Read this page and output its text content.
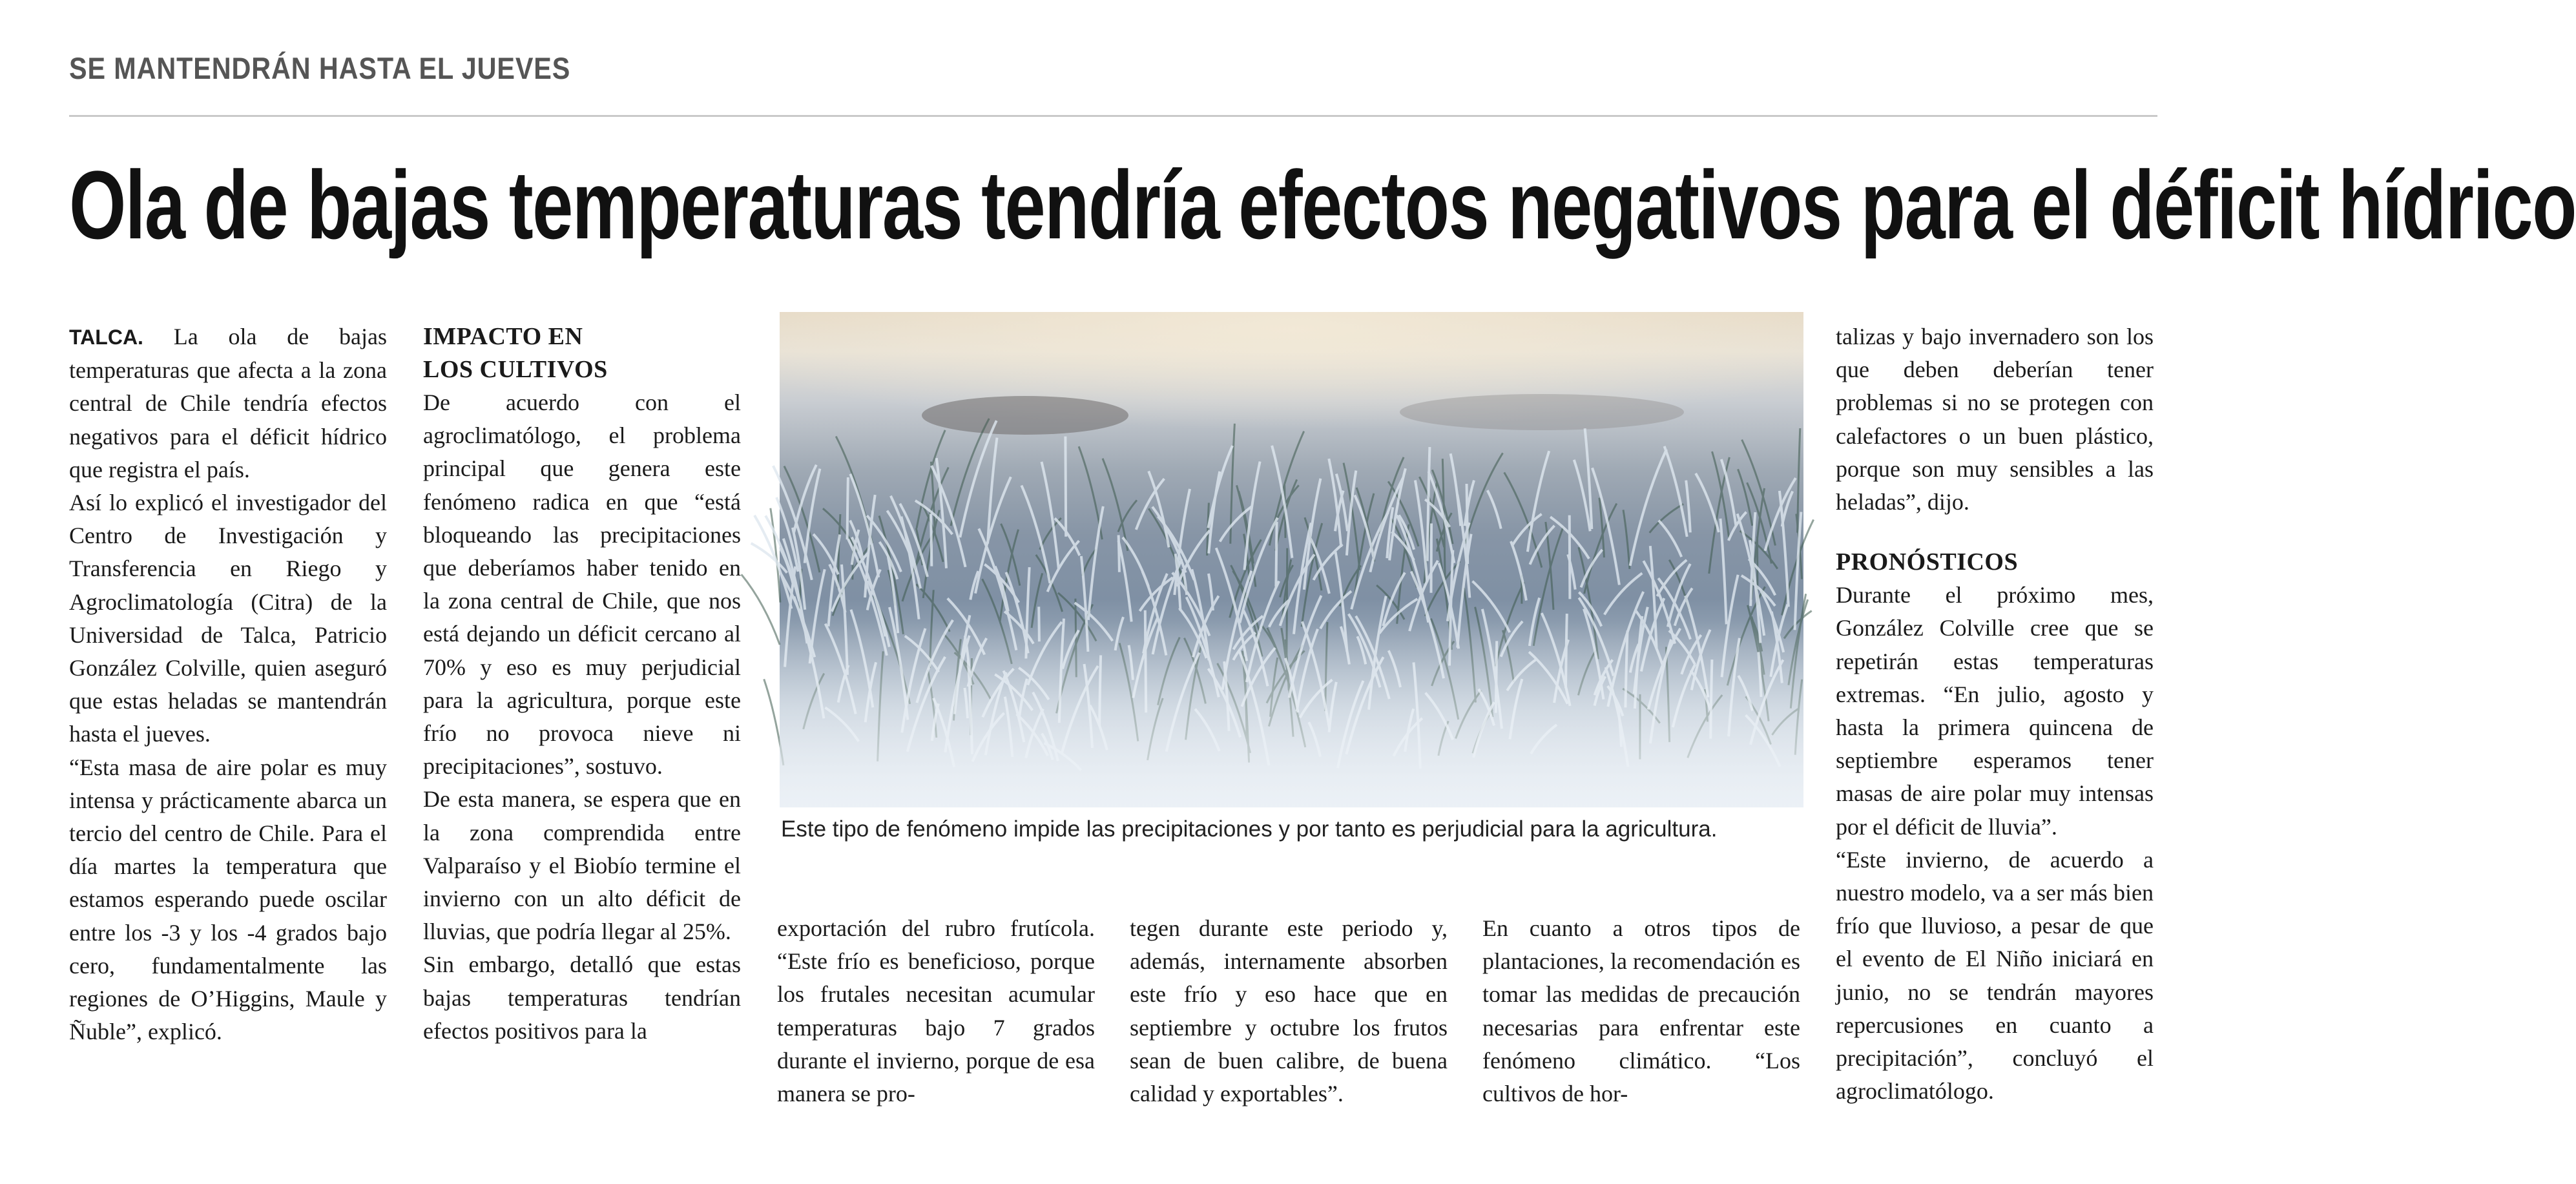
SE MANTENDRÁN HASTA EL JUEVES
Ola de bajas temperaturas tendría efectos negativos para el déficit hídrico

TALCA. La ola de bajas temperaturas que afecta a la zona central de Chile tendría efectos negativos para el déficit hídrico que registra el país.

Así lo explicó el investigador del Centro de Investigación y Transferencia en Riego y Agroclimatología (Citra) de la Universidad de Talca, Patricio González Colville, quien aseguró que estas heladas se mantendrán hasta el jueves.

“Esta masa de aire polar es muy intensa y prácticamente abarca un tercio del centro de Chile. Para el día martes la temperatura que estamos esperando puede oscilar entre los -3 y los -4 grados bajo cero, fundamentalmente las regiones de O’Higgins, Maule y Ñuble”, explicó.

IMPACTO EN
LOS CULTIVOS

De acuerdo con el agroclimatólogo, el problema principal que genera este fenómeno radica en que “está bloqueando las precipitaciones que deberíamos haber tenido en la zona central de Chile, que nos está dejando un déficit cercano al 70% y eso es muy perjudicial para la agricultura, porque este frío no provoca nieve ni precipitaciones”, sostuvo.

De esta manera, se espera que en la zona comprendida entre Valparaíso y el Biobío termine el invierno con un alto déficit de lluvias, que podría llegar al 25%.

Sin embargo, detalló que estas bajas temperaturas tendrían efectos positivos para la

Este tipo de fenómeno impide las precipitaciones y por tanto es perjudicial para la agricultura.

exportación del rubro frutícola. “Este frío es beneficioso, porque los frutales necesitan acumular temperaturas bajo 7 grados durante el invierno, porque de esa manera se pro-

tegen durante este periodo y, además, internamente absorben este frío y eso hace que en septiembre y octubre los frutos sean de buen calibre, de buena calidad y exportables”.

En cuanto a otros tipos de plantaciones, la recomendación es tomar las medidas de precaución necesarias para enfrentar este fenómeno climático. “Los cultivos de hor-

talizas y bajo invernadero son los que deben deberían tener problemas si no se protegen con calefactores o un buen plástico, porque son muy sensibles a las heladas”, dijo.

PRONÓSTICOS

Durante el próximo mes, González Colville cree que se repetirán estas temperaturas extremas. “En julio, agosto y hasta la primera quincena de septiembre esperamos tener masas de aire polar muy intensas por el déficit de lluvia”.

“Este invierno, de acuerdo a nuestro modelo, va a ser más bien frío que lluvioso, a pesar de que el evento de El Niño iniciará en junio, no se tendrán mayores repercusiones en cuanto a precipitación”, concluyó el agroclimatólogo.
